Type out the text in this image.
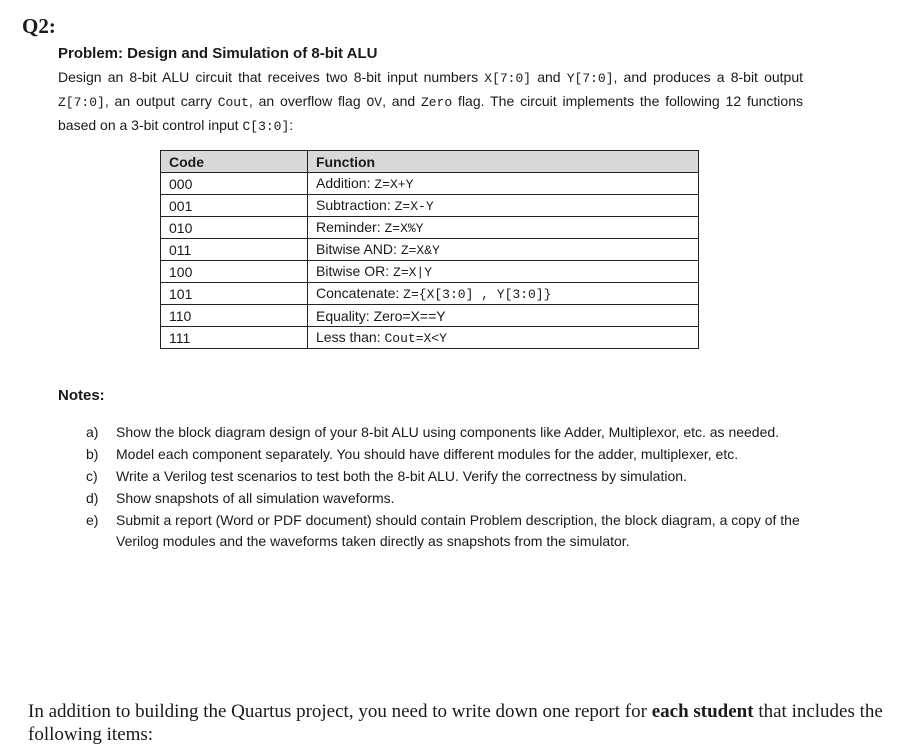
Q2:
Problem: Design and Simulation of 8-bit ALU
Design an 8-bit ALU circuit that receives two 8-bit input numbers X[7:0] and Y[7:0], and produces a 8-bit output Z[7:0], an output carry Cout, an overflow flag OV, and Zero flag. The circuit implements the following 12 functions based on a 3-bit control input C[3:0]:
Code	Function
000	Addition: Z=X+Y
001	Subtraction: Z=X-Y
010	Reminder: Z=X%Y
011	Bitwise AND: Z=X&Y
100	Bitwise OR: Z=X|Y
101	Concatenate: Z={X[3:0] , Y[3:0]}
110	Equality: Zero=X==Y
111	Less than: Cout=X<Y
Notes:
a) Show the block diagram design of your 8-bit ALU using components like Adder, Multiplexor, etc. as needed.
b) Model each component separately. You should have different modules for the adder, multiplexer, etc.
c) Write a Verilog test scenarios to test both the 8-bit ALU. Verify the correctness by simulation.
d) Show snapshots of all simulation waveforms.
e) Submit a report (Word or PDF document) should contain Problem description, the block diagram, a copy of the Verilog modules and the waveforms taken directly as snapshots from the simulator.
In addition to building the Quartus project, you need to write down one report for each student that includes the following items:
